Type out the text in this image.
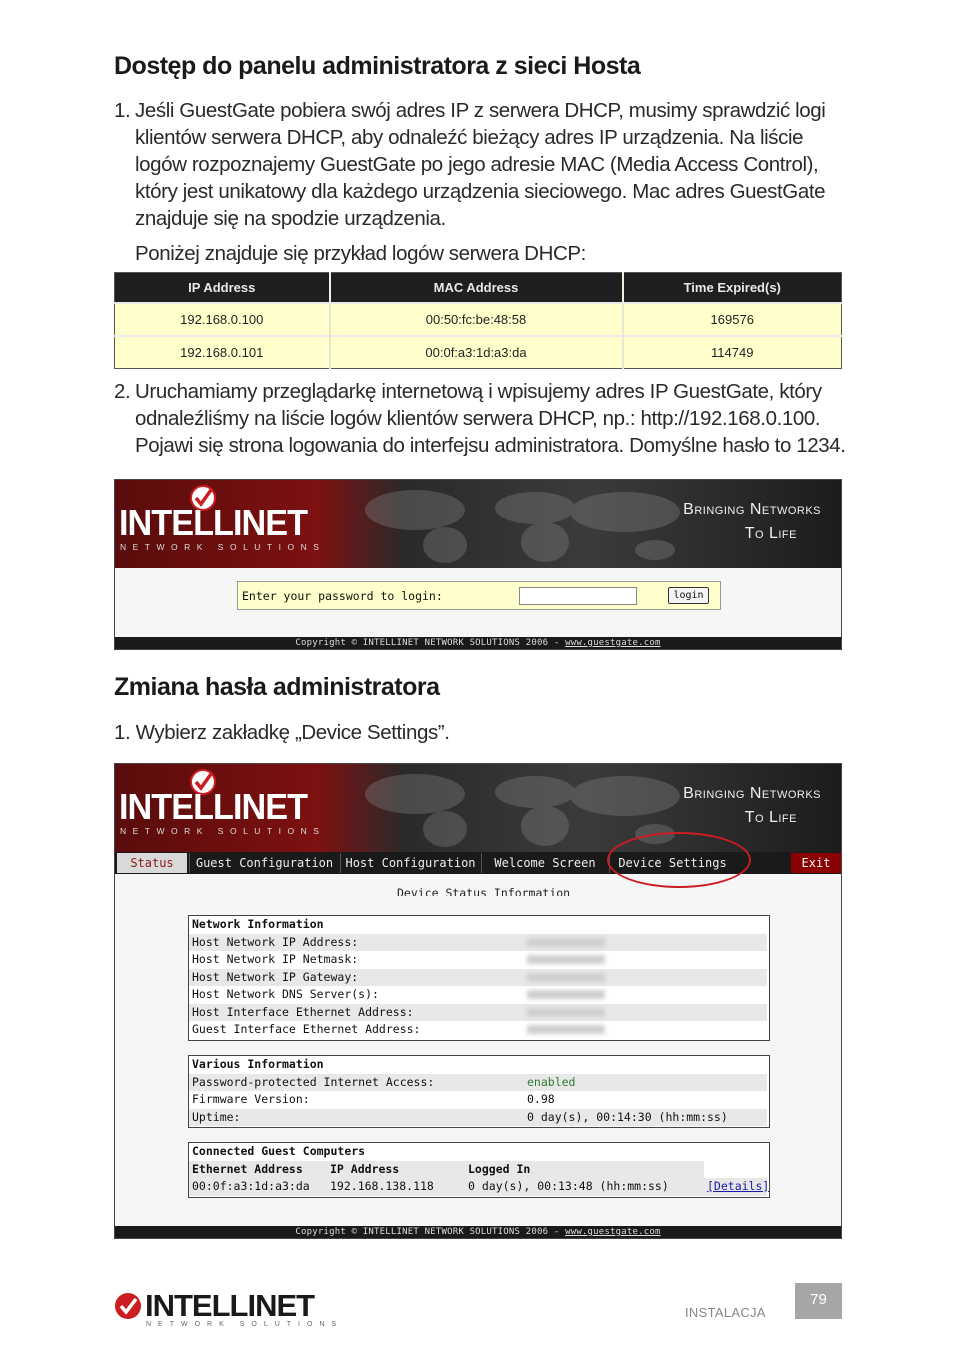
Dostęp do panelu administratora z sieci Hosta
1. Jeśli GuestGate pobiera swój adres IP z serwera DHCP, musimy sprawdzić logi klientów serwera DHCP, aby odnaleźć bieżący adres IP urządzenia. Na liście logów rozpoznajemy GuestGate po jego adresie MAC (Media Access Control), który jest unikatowy dla każdego urządzenia sieciowego. Mac adres GuestGate znajduje się na spodzie urządzenia.
Poniżej znajduje się przykład logów serwera DHCP:
IP Address	MAC Address	Time Expired(s)
192.168.0.100	00:50:fc:be:48:58	169576
192.168.0.101	00:0f:a3:1d:a3:da	114749
2. Uruchamiamy przeglądarkę internetową i wpisujemy adres IP GuestGate, który odnaleźliśmy na liście logów klientów serwera DHCP, np.: http://192.168.0.100. Pojawi się strona logowania do interfejsu administratora. Domyślne hasło to 1234.
INTELLINET
NETWORK SOLUTIONS
Bringing Networks
To Life
Enter your password to login:	login
Copyright © INTELLINET NETWORK SOLUTIONS 2006 - www.guestgate.com
Zmiana hasła administratora
1. Wybierz zakładkę „Device Settings”.
INTELLINET
NETWORK SOLUTIONS
Bringing Networks
To Life
Status	Guest Configuration	Host Configuration	Welcome Screen	Device Settings	Exit
Device Status Information
Network Information
Host Network IP Address:
Host Network IP Netmask:
Host Network IP Gateway:
Host Network DNS Server(s):
Host Interface Ethernet Address:
Guest Interface Ethernet Address:
Various Information
Password-protected Internet Access:	enabled
Firmware Version:	0.98
Uptime:	0 day(s), 00:14:30 (hh:mm:ss)
Connected Guest Computers
Ethernet Address IP Address	Logged In
00:0f:a3:1d:a3:da 192.168.138.118	0 day(s), 00:13:48 (hh:mm:ss)	[Details]
Copyright © INTELLINET NETWORK SOLUTIONS 2006 - www.guestgate.com
INTELLINET
NETWORK SOLUTIONS
INSTALACJA
79
